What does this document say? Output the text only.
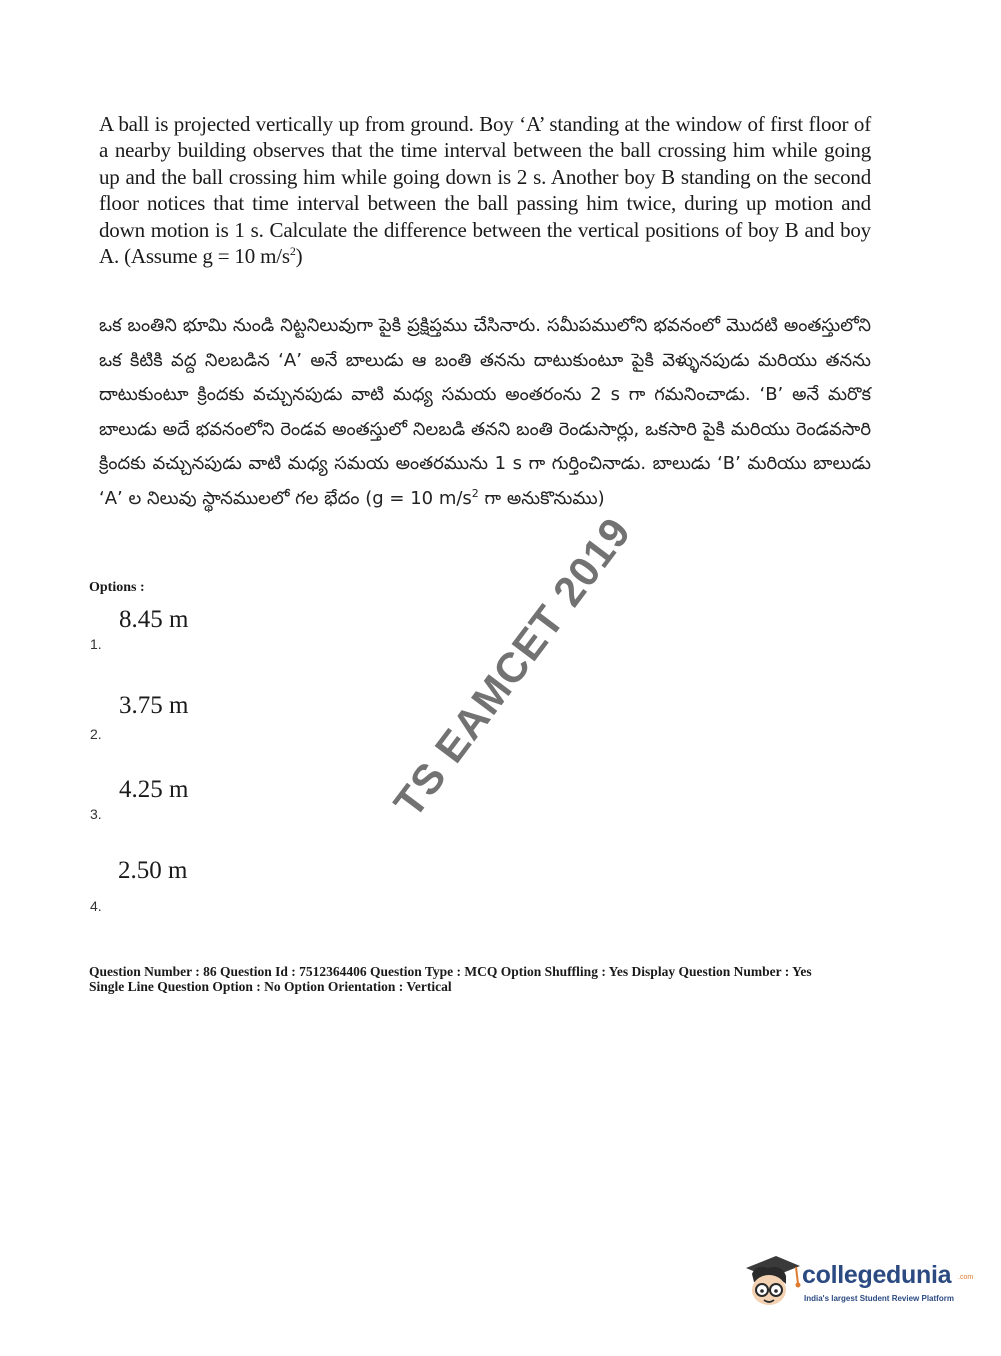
A ball is projected vertically up from ground. Boy ‘A’ standing at the window of first floor of a nearby building observes that the time interval between the ball crossing him while going up and the ball crossing him while going down is 2 s. Another boy B standing on the second floor notices that time interval between the ball passing him twice, during up motion and down motion is 1 s. Calculate the difference between the vertical positions of boy B and boy A. (Assume g = 10 $m/s^2$)
ఒక బంతిని భూమి నుండి నిట్టనిలువుగా పైకి ప్రక్షిప్తము చేసినారు. సమీపములోని భవనంలో మొదటి అంతస్తులోని ఒక కిటికి వద్ద నిలబడిన ‘A’ అనే బాలుడు ఆ బంతి తనను దాటుకుంటూ పైకి వెళ్ళునపుడు మరియు తనను దాటుకుంటూ క్రిందకు వచ్చునపుడు వాటి మధ్య సమయ అంతరంను 2 s గా గమనించాడు. ‘B’ అనే మరొక బాలుడు అదే భవనంలోని రెండవ అంతస్తులో నిలబడి తనని బంతి రెండుసార్లు, ఒకసారి పైకి మరియు రెండవసారి క్రిందకు వచ్చునపుడు వాటి మధ్య సమయ అంతరమును 1 s గా గుర్తించినాడు. బాలుడు ‘B’ మరియు బాలుడు ‘A’ ల నిలువు స్థానములలో గల భేదం (g = 10 $m/s^2$ గా అనుకొనుము)
TS EAMCET 2019
Options :
8.45 m
1.
3.75 m
2.
4.25 m
3.
2.50 m
4.
Question Number : 86 Question Id : 7512364406 Question Type : MCQ Option Shuffling : Yes Display Question Number : Yes
Single Line Question Option : No Option Orientation : Vertical
collegedunia .com
India's largest Student Review Platform
